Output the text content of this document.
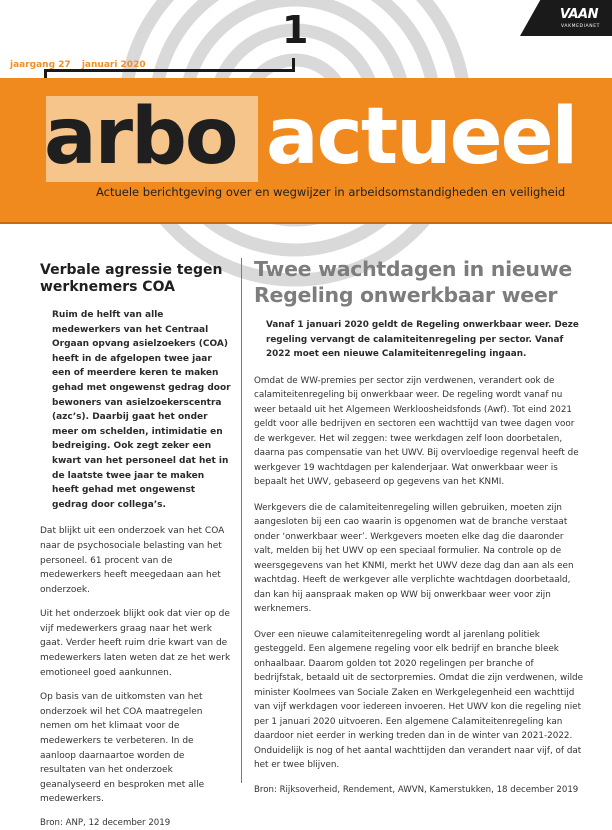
1
jaargang 27 januari 2020
VAAN
VAKMEDIANET
arbo actueel
Actuele berichtgeving over en wegwijzer in arbeidsomstandigheden en veiligheid
Verbale agressie tegen werknemers COA

Ruim de helft van alle medewerkers van het Centraal Orgaan opvang asielzoekers (COA) heeft in de afgelopen twee jaar een of meerdere keren te maken gehad met ongewenst gedrag door bewoners van asielzoekerscentra (azc’s). Daarbij gaat het onder meer om schelden, intimidatie en bedreiging. Ook zegt zeker een kwart van het personeel dat het in de laatste twee jaar te maken heeft gehad met ongewenst gedrag door collega’s.

Dat blijkt uit een onderzoek van het COA naar de psychosociale belasting van het personeel. 61 procent van de medewerkers heeft meegedaan aan het onderzoek.

Uit het onderzoek blijkt ook dat vier op de vijf medewerkers graag naar het werk gaat. Verder heeft ruim drie kwart van de medewerkers laten weten dat ze het werk emotioneel goed aankunnen.

Op basis van de uitkomsten van het onderzoek wil het COA maatregelen nemen om het klimaat voor de medewerkers te verbeteren. In de aanloop daarnaartoe worden de resultaten van het onderzoek geanalyseerd en besproken met alle medewerkers.

Bron: ANP, 12 december 2019
Twee wachtdagen in nieuwe Regeling onwerkbaar weer

Vanaf 1 januari 2020 geldt de Regeling onwerkbaar weer. Deze regeling vervangt de calamiteitenregeling per sector. Vanaf 2022 moet een nieuwe Calamiteitenregeling ingaan.

Omdat de WW-premies per sector zijn verdwenen, verandert ook de calamiteitenregeling bij onwerkbaar weer. De regeling wordt vanaf nu weer betaald uit het Algemeen Werkloosheidsfonds (Awf). Tot eind 2021 geldt voor alle bedrijven en sectoren een wachttijd van twee dagen voor de werkgever. Het wil zeggen: twee werkdagen zelf loon doorbetalen, daarna pas compensatie van het UWV. Bij overvloedige regenval heeft de werkgever 19 wachtdagen per kalenderjaar. Wat onwerkbaar weer is bepaalt het UWV, gebaseerd op gegevens van het KNMI.

Werkgevers die de calamiteitenregeling willen gebruiken, moeten zijn aangesloten bij een cao waarin is opgenomen wat de branche verstaat onder ‘onwerkbaar weer’. Werkgevers moeten elke dag die daaronder valt, melden bij het UWV op een speciaal formulier. Na controle op de weersgegevens van het KNMI, merkt het UWV deze dag dan aan als een wachtdag. Heeft de werkgever alle verplichte wachtdagen doorbetaald, dan kan hij aanspraak maken op WW bij onwerkbaar weer voor zijn werknemers.

Over een nieuwe calamiteitenregeling wordt al jarenlang politiek gesteggeld. Een algemene regeling voor elk bedrijf en branche bleek onhaalbaar. Daarom golden tot 2020 regelingen per branche of bedrijfstak, betaald uit de sectorpremies. Omdat die zijn verdwenen, wilde minister Koolmees van Sociale Zaken en Werkgelegenheid een wachttijd van vijf werkdagen voor iedereen invoeren. Het UWV kon die regeling niet per 1 januari 2020 uitvoeren. Een algemene Calamiteitenregeling kan daardoor niet eerder in werking treden dan in de winter van 2021-2022. Onduidelijk is nog of het aantal wachttijden dan verandert naar vijf, of dat het er twee blijven.

Bron: Rijksoverheid, Rendement, AWVN, Kamerstukken, 18 december 2019
